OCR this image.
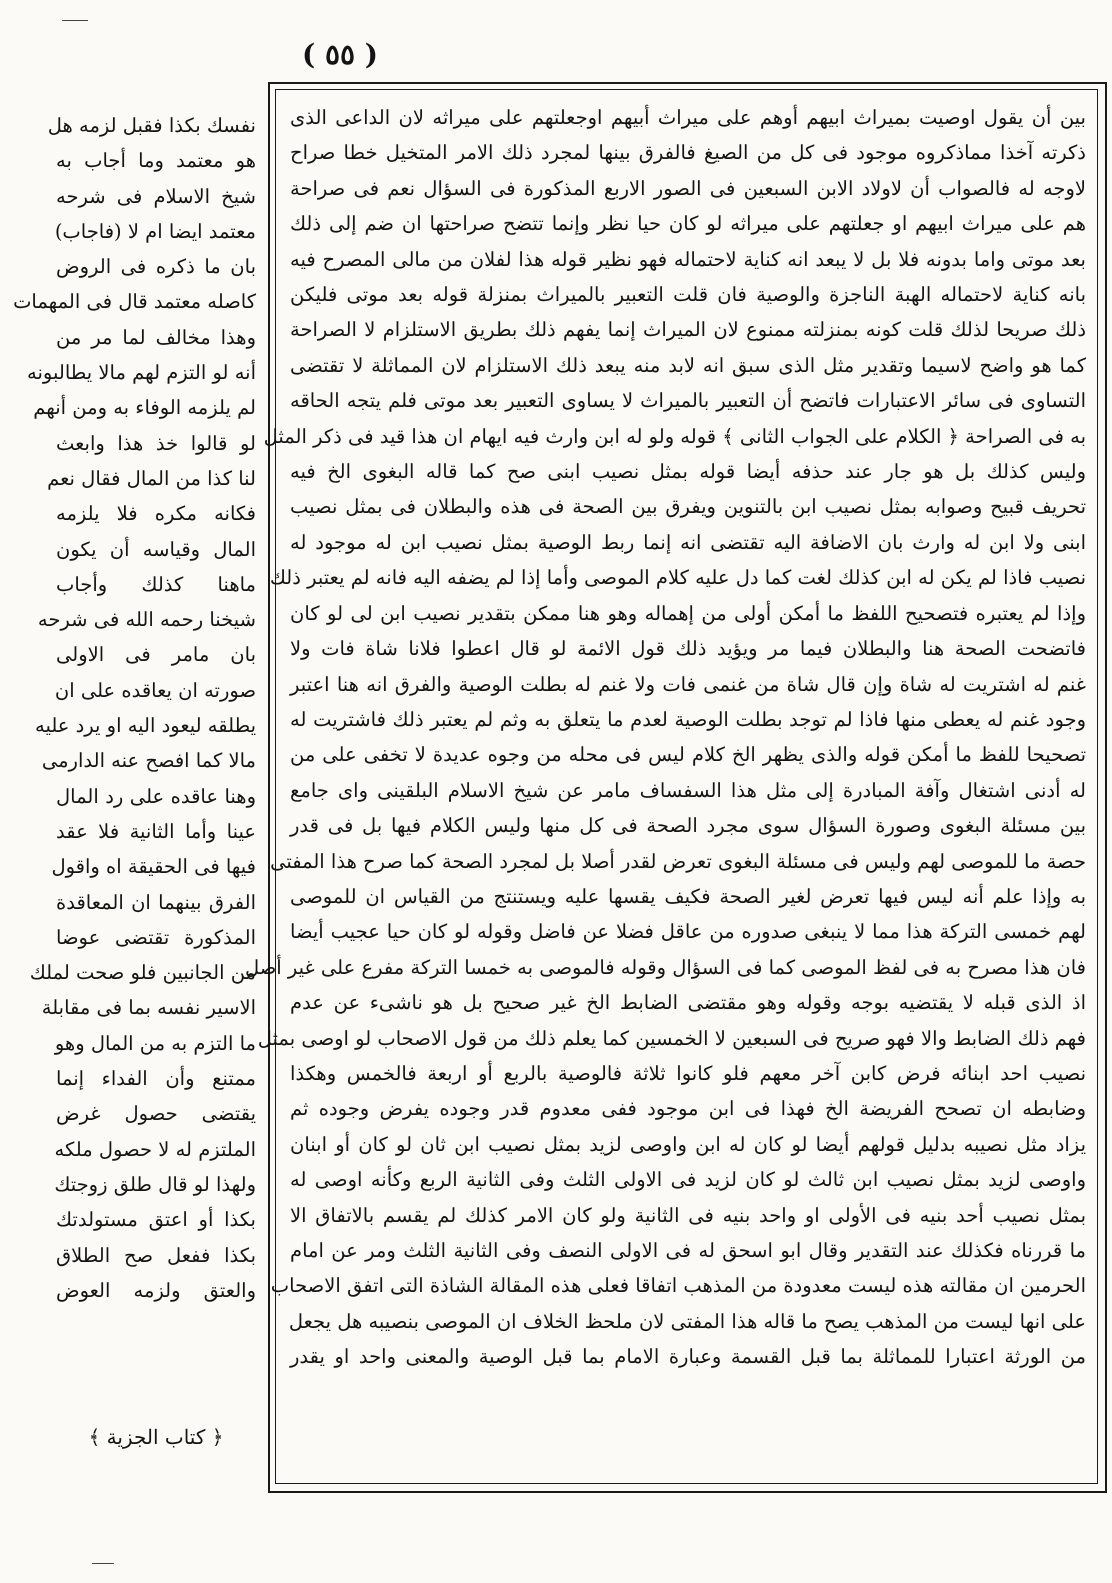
( ٥٥ )
بين أن يقول اوصيت بميراث ابيهم أوهم على ميراث أبيهم اوجعلتهم على ميراثه لان الداعى الذى
ذكرته آخذا مماذكروه موجود فى كل من الصيغ فالفرق بينها لمجرد ذلك الامر المتخيل خطا صراح
لاوجه له فالصواب أن لاولاد الابن السبعين فى الصور الاربع المذكورة فى السؤال نعم فى صراحة
هم على ميراث ابيهم او جعلتهم على ميراثه لو كان حيا نظر وإنما تتضح صراحتها ان ضم إلى ذلك
بعد موتى واما بدونه فلا بل لا يبعد انه كناية لاحتماله فهو نظير قوله هذا لفلان من مالى المصرح فيه
بانه كناية لاحتماله الهبة الناجزة والوصية فان قلت التعبير بالميراث بمنزلة قوله بعد موتى فليكن
ذلك صريحا لذلك قلت كونه بمنزلته ممنوع لان الميراث إنما يفهم ذلك بطريق الاستلزام لا الصراحة
كما هو واضح لاسيما وتقدير مثل الذى سبق انه لابد منه يبعد ذلك الاستلزام لان المماثلة لا تقتضى
التساوى فى سائر الاعتبارات فاتضح أن التعبير بالميراث لا يساوى التعبير بعد موتى فلم يتجه الحاقه
به فى الصراحة ﴿ الكلام على الجواب الثانى ﴾ قوله ولو له ابن وارث فيه ايهام ان هذا قيد فى ذكر المثل
وليس كذلك بل هو جار عند حذفه أيضا قوله بمثل نصيب ابنى صح كما قاله البغوى الخ فيه
تحريف قبيح وصوابه بمثل نصيب ابن بالتنوين ويفرق بين الصحة فى هذه والبطلان فى بمثل نصيب
ابنى ولا ابن له وارث بان الاضافة اليه تقتضى انه إنما ربط الوصية بمثل نصيب ابن له موجود له
نصيب فاذا لم يكن له ابن كذلك لغت كما دل عليه كلام الموصى وأما إذا لم يضفه اليه فانه لم يعتبر ذلك
وإذا لم يعتبره فتصحيح اللفظ ما أمكن أولى من إهماله وهو هنا ممكن بتقدير نصيب ابن لى لو كان
فاتضحت الصحة هنا والبطلان فيما مر ويؤيد ذلك قول الائمة لو قال اعطوا فلانا شاة فات ولا
غنم له اشتريت له شاة وإن قال شاة من غنمى فات ولا غنم له بطلت الوصية والفرق انه هنا اعتبر
وجود غنم له يعطى منها فاذا لم توجد بطلت الوصية لعدم ما يتعلق به وثم لم يعتبر ذلك فاشتريت له
تصحيحا للفظ ما أمكن قوله والذى يظهر الخ كلام ليس فى محله من وجوه عديدة لا تخفى على من
له أدنى اشتغال وآفة المبادرة إلى مثل هذا السفساف مامر عن شيخ الاسلام البلقينى واى جامع
بين مسئلة البغوى وصورة السؤال سوى مجرد الصحة فى كل منها وليس الكلام فيها بل فى قدر
حصة ما للموصى لهم وليس فى مسئلة البغوى تعرض لقدر أصلا بل لمجرد الصحة كما صرح هذا المفتى
به وإذا علم أنه ليس فيها تعرض لغير الصحة فكيف يقسها عليه ويستنتج من القياس ان للموصى
لهم خمسى التركة هذا مما لا ينبغى صدوره من عاقل فضلا عن فاضل وقوله لو كان حيا عجيب أيضا
فان هذا مصرح به فى لفظ الموصى كما فى السؤال وقوله فالموصى به خمسا التركة مفرع على غير أصل
اذ الذى قبله لا يقتضيه بوجه وقوله وهو مقتضى الضابط الخ غير صحيح بل هو ناشىء عن عدم
فهم ذلك الضابط والا فهو صريح فى السبعين لا الخمسين كما يعلم ذلك من قول الاصحاب لو اوصى بمثل
نصيب احد ابنائه فرض كابن آخر معهم فلو كانوا ثلاثة فالوصية بالربع أو اربعة فالخمس وهكذا
وضابطه ان تصحح الفريضة الخ فهذا فى ابن موجود ففى معدوم قدر وجوده يفرض وجوده ثم
يزاد مثل نصيبه بدليل قولهم أيضا لو كان له ابن واوصى لزيد بمثل نصيب ابن ثان لو كان أو ابنان
واوصى لزيد بمثل نصيب ابن ثالث لو كان لزيد فى الاولى الثلث وفى الثانية الربع وكأنه اوصى له
بمثل نصيب أحد بنيه فى الأولى او واحد بنيه فى الثانية ولو كان الامر كذلك لم يقسم بالاتفاق الا
ما قررناه فكذلك عند التقدير وقال ابو اسحق له فى الاولى النصف وفى الثانية الثلث ومر عن امام
الحرمين ان مقالته هذه ليست معدودة من المذهب اتفاقا فعلى هذه المقالة الشاذة التى اتفق الاصحاب
على انها ليست من المذهب يصح ما قاله هذا المفتى لان ملحظ الخلاف ان الموصى بنصيبه هل يجعل
من الورثة اعتبارا للمماثلة بما قبل القسمة وعبارة الامام بما قبل الوصية والمعنى واحد او يقدر
نفسك بكذا فقبل لزمه هل
هو معتمد وما أجاب به
شيخ الاسلام فى شرحه
معتمد ايضا ام لا (فاجاب)
بان ما ذكره فى الروض
كاصله معتمد قال فى المهمات
وهذا مخالف لما مر من
أنه لو التزم لهم مالا يطالبونه
لم يلزمه الوفاء به ومن أنهم
لو قالوا خذ هذا وابعث
لنا كذا من المال فقال نعم
فكانه مكره فلا يلزمه
المال وقياسه أن يكون
ماهنا كذلك وأجاب
شيخنا رحمه الله فى شرحه
بان مامر فى الاولى
صورته ان يعاقده على ان
يطلقه ليعود اليه او يرد عليه
مالا كما افصح عنه الدارمى
وهنا عاقده على رد المال
عينا وأما الثانية فلا عقد
فيها فى الحقيقة اه واقول
الفرق بينهما ان المعاقدة
المذكورة تقتضى عوضا
من الجانبين فلو صحت لملك
الاسير نفسه بما فى مقابلة
ما التزم به من المال وهو
ممتنع وأن الفداء إنما
يقتضى حصول غرض
الملتزم له لا حصول ملكه
ولهذا لو قال طلق زوجتك
بكذا أو اعتق مستولدتك
بكذا ففعل صح الطلاق
والعتق ولزمه العوض
﴿ كتاب الجزية ﴾
